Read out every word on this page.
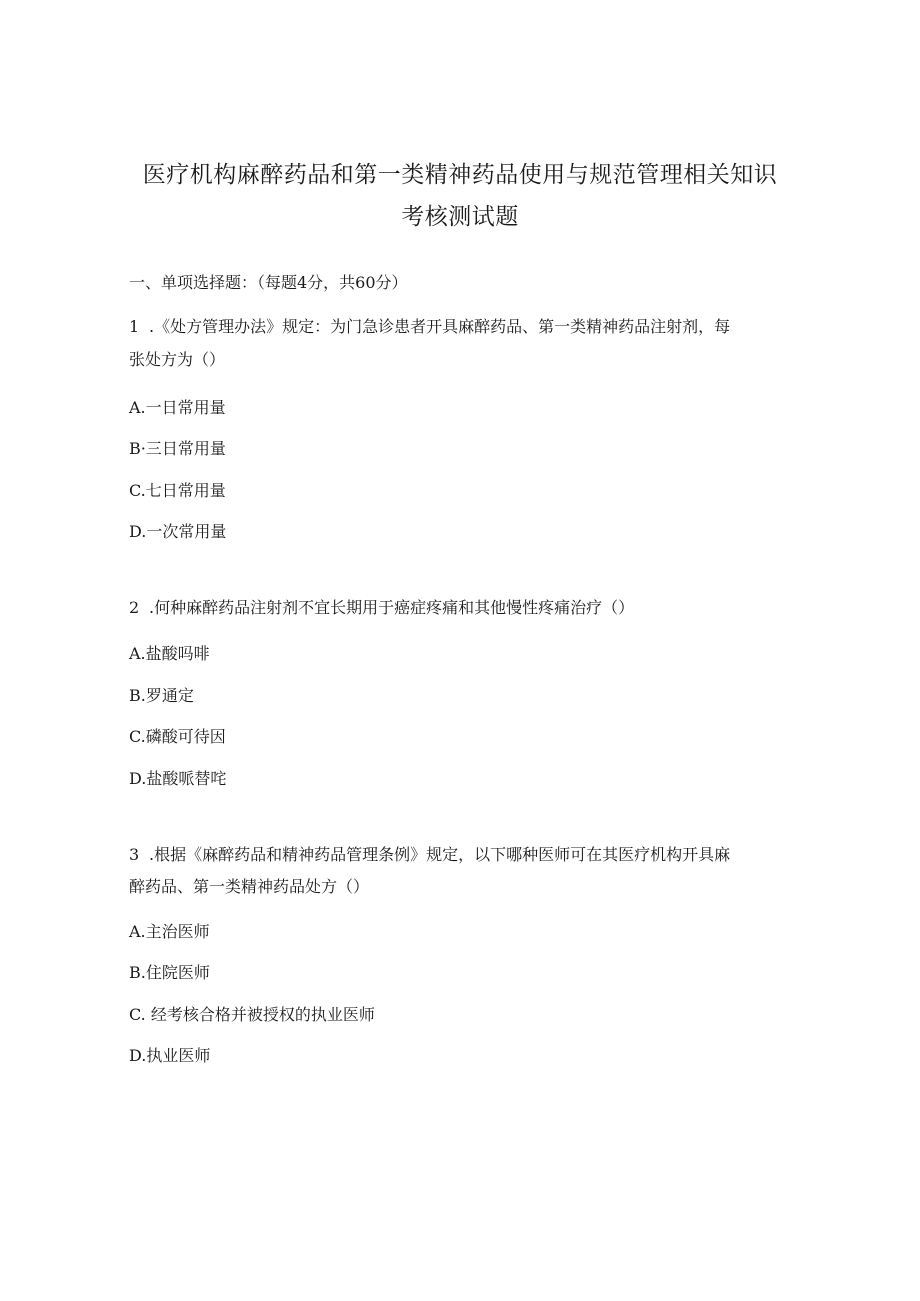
医疗机构麻醉药品和第一类精神药品使用与规范管理相关知识
考核测试题

一、单项选择题：（每题4分，共60分）

1 .《处方管理办法》规定：为门急诊患者开具麻醉药品、第一类精神药品注射剂，每

张处方为（）

A.一日常用量

B·三日常用量

C.七日常用量

D.一次常用量

2 .何种麻醉药品注射剂不宜长期用于癌症疼痛和其他慢性疼痛治疗（）

A.盐酸吗啡

B.罗通定

C.磷酸可待因

D.盐酸哌替咤

3 .根据《麻醉药品和精神药品管理条例》规定，以下哪种医师可在其医疗机构开具麻

醉药品、第一类精神药品处方（）

A.主治医师

B.住院医师

C. 经考核合格并被授权的执业医师

D.执业医师
